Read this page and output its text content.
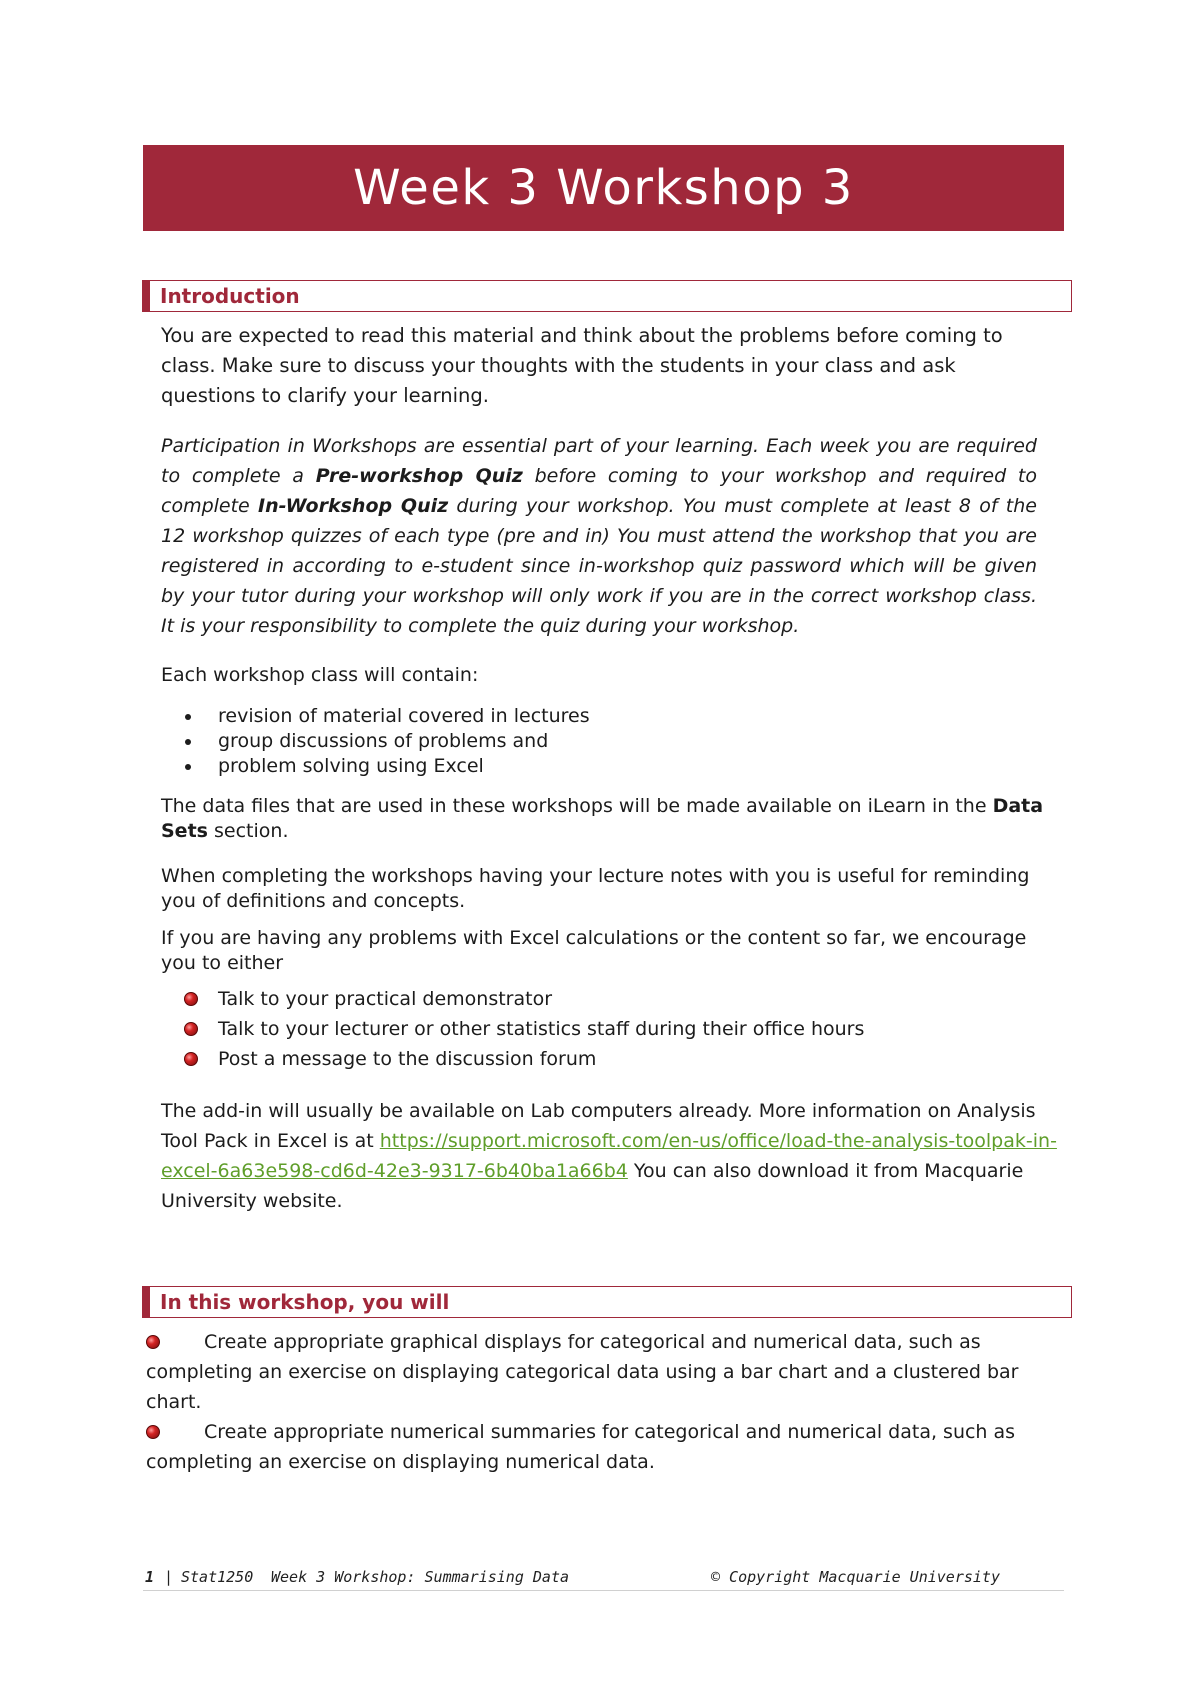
Week 3 Workshop 3
Introduction

You are expected to read this material and think about the problems before coming to class. Make sure to discuss your thoughts with the students in your class and ask questions to clarify your learning.

Participation in Workshops are essential part of your learning. Each week you are required to complete a Pre-workshop Quiz before coming to your workshop and required to complete In-Workshop Quiz during your workshop. You must complete at least 8 of the 12 workshop quizzes of each type (pre and in) You must attend the workshop that you are registered in according to e-student since in-workshop quiz password which will be given by your tutor during your workshop will only work if you are in the correct workshop class. It is your responsibility to complete the quiz during your workshop.

Each workshop class will contain:
revision of material covered in lectures
group discussions of problems and
problem solving using Excel

The data files that are used in these workshops will be made available on iLearn in the Data Sets section.

When completing the workshops having your lecture notes with you is useful for reminding you of definitions and concepts.
If you are having any problems with Excel calculations or the content so far, we encourage you to either
Talk to your practical demonstrator
Talk to your lecturer or other statistics staff during their office hours
Post a message to the discussion forum

The add-in will usually be available on Lab computers already. More information on Analysis Tool Pack in Excel is at https://support.microsoft.com/en-us/office/load-the-analysis-toolpak-in-excel-6a63e598-cd6d-42e3-9317-6b40ba1a66b4 You can also download it from Macquarie University website.

In this workshop, you will

Create appropriate graphical displays for categorical and numerical data, such as completing an exercise on displaying categorical data using a bar chart and a clustered bar chart.

Create appropriate numerical summaries for categorical and numerical data, such as completing an exercise on displaying numerical data.

1 | Stat1250 Week 3 Workshop: Summarising Data	© Copyright Macquarie University
